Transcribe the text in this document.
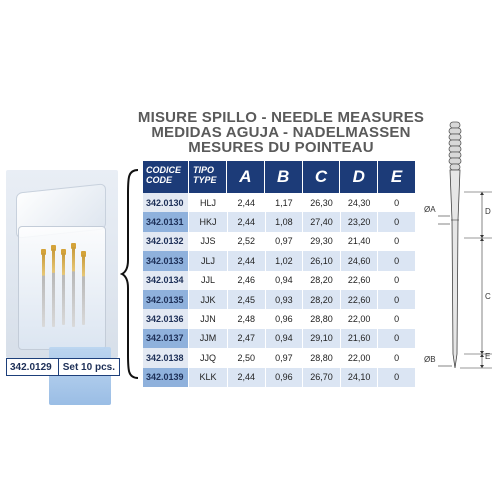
342.0129	Set 10 pcs.
MISURE SPILLO - NEEDLE MEASURES
MEDIDAS AGUJA - NADELMASSEN
MESURES DU POINTEAU
CODICE
CODE
TIPO
TYPE	A	B	C	D	E
342.0130	HLJ	2,44	1,17	26,30	24,30	0
342.0131	HKJ	2,44	1,08	27,40	23,20	0
342.0132	JJS	2,52	0,97	29,30	21,40	0
342.0133	JLJ	2,44	1,02	26,10	24,60	0
342.0134	JJL	2,46	0,94	28,20	22,60	0
342.0135	JJK	2,45	0,93	28,20	22,60	0
342.0136	JJN	2,48	0,96	28,80	22,00	0
342.0137	JJM	2,47	0,94	29,10	21,60	0
342.0138	JJQ	2,50	0,97	28,80	22,00	0
342.0139	KLK	2,44	0,96	26,70	24,10	0
ØA
ØB
D
C
E
